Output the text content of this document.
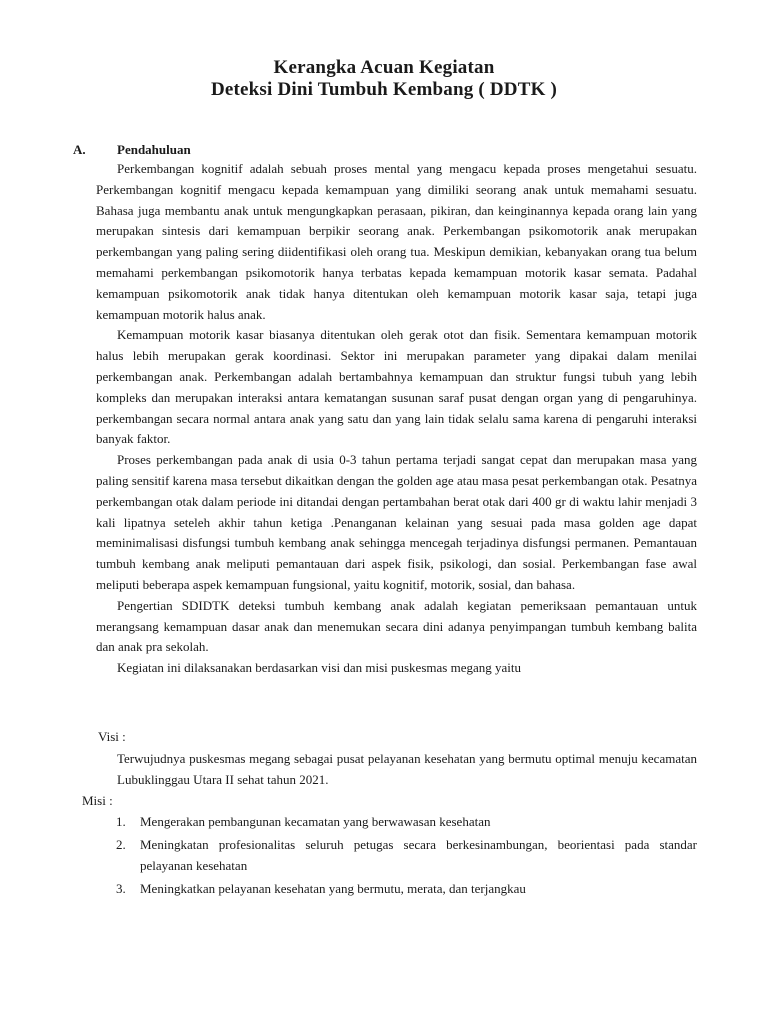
Kerangka Acuan Kegiatan
Deteksi Dini Tumbuh Kembang ( DDTK )
A. Pendahuluan

Perkembangan kognitif adalah sebuah proses mental yang mengacu kepada proses mengetahui sesuatu. Perkembangan kognitif mengacu kepada kemampuan yang dimiliki seorang anak untuk memahami sesuatu. Bahasa juga membantu anak untuk mengungkapkan perasaan, pikiran, dan keinginannya kepada orang lain yang merupakan sintesis dari kemampuan berpikir seorang anak. Perkembangan psikomotorik anak merupakan perkembangan yang paling sering diidentifikasi oleh orang tua. Meskipun demikian, kebanyakan orang tua belum memahami perkembangan psikomotorik hanya terbatas kepada kemampuan motorik kasar semata. Padahal kemampuan psikomotorik anak tidak hanya ditentukan oleh kemampuan motorik kasar saja, tetapi juga kemampuan motorik halus anak.

Kemampuan motorik kasar biasanya ditentukan oleh gerak otot dan fisik. Sementara kemampuan motorik halus lebih merupakan gerak koordinasi. Sektor ini merupakan parameter yang dipakai dalam menilai perkembangan anak. Perkembangan adalah bertambahnya kemampuan dan struktur fungsi tubuh yang lebih kompleks dan merupakan interaksi antara kematangan susunan saraf pusat dengan organ yang di pengaruhinya. perkembangan secara normal antara anak yang satu dan yang lain tidak selalu sama karena di pengaruhi interaksi banyak faktor.

Proses perkembangan pada anak di usia 0-3 tahun pertama terjadi sangat cepat dan merupakan masa yang paling sensitif karena masa tersebut dikaitkan dengan the golden age atau masa pesat perkembangan otak. Pesatnya perkembangan otak dalam periode ini ditandai dengan pertambahan berat otak dari 400 gr di waktu lahir menjadi 3 kali lipatnya seteleh akhir tahun ketiga .Penanganan kelainan yang sesuai pada masa golden age dapat meminimalisasi disfungsi tumbuh kembang anak sehingga mencegah terjadinya disfungsi permanen. Pemantauan tumbuh kembang anak meliputi pemantauan dari aspek fisik, psikologi, dan sosial. Perkembangan fase awal meliputi beberapa aspek kemampuan fungsional, yaitu kognitif, motorik, sosial, dan bahasa.

Pengertian SDIDTK deteksi tumbuh kembang anak adalah kegiatan pemeriksaan pemantauan untuk merangsang kemampuan dasar anak dan menemukan secara dini adanya penyimpangan tumbuh kembang balita dan anak pra sekolah.

Kegiatan ini dilaksanakan berdasarkan visi dan misi puskesmas megang yaitu

Visi :
Terwujudnya puskesmas megang sebagai pusat pelayanan kesehatan yang bermutu optimal menuju kecamatan Lubuklinggau Utara II sehat tahun 2021.
Misi :
1. Mengerakan pembangunan kecamatan yang berwawasan kesehatan
2. Meningkatan profesionalitas seluruh petugas secara berkesinambungan, beorientasi pada standar pelayanan kesehatan
3. Meningkatkan pelayanan kesehatan yang bermutu, merata, dan terjangkau
